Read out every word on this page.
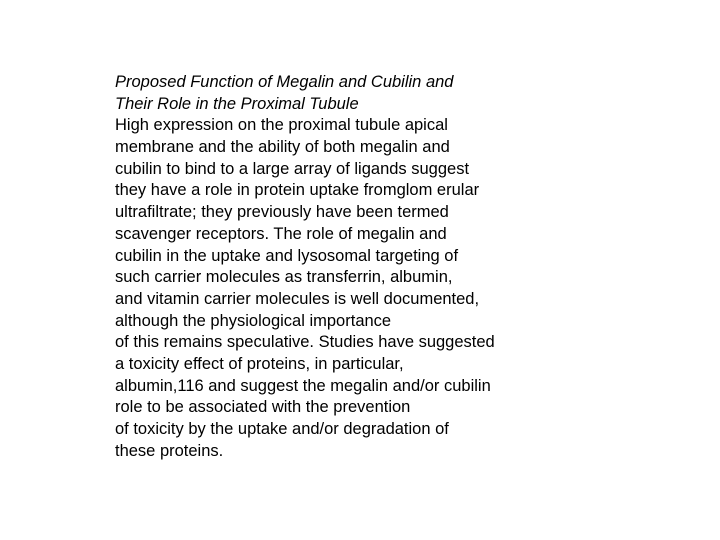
Proposed Function of Megalin and Cubilin and
Their Role in the Proximal Tubule
High expression on the proximal tubule apical
membrane and the ability of both megalin and
cubilin to bind to a large array of ligands suggest
they have a role in protein uptake fromglom erular
ultrafiltrate; they previously have been termed
scavenger receptors. The role of megalin and
cubilin in the uptake and lysosomal targeting of
such carrier molecules as transferrin, albumin,
and vitamin carrier molecules is well documented,
although the physiological importance
of this remains speculative. Studies have suggested
a toxicity effect of proteins, in particular,
albumin,116 and suggest the megalin and/or cubilin
role to be associated with the prevention
of toxicity by the uptake and/or degradation of
these proteins.
